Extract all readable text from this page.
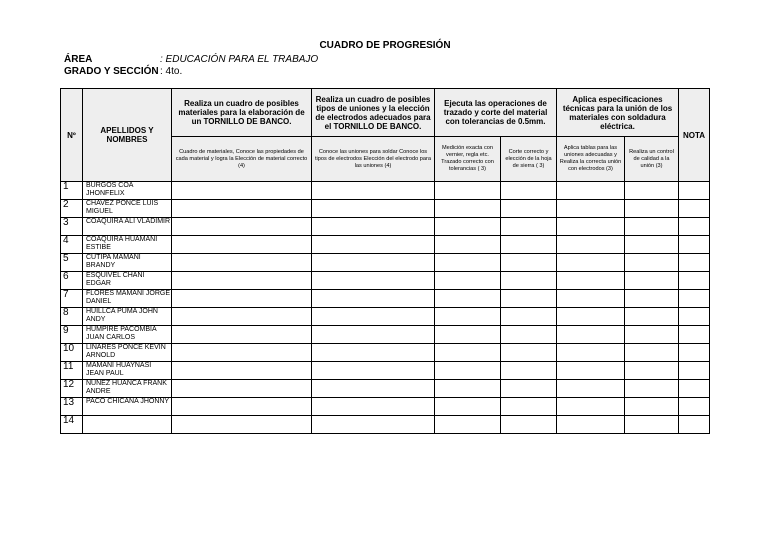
CUADRO DE PROGRESIÓN
ÁREA	: EDUCACIÓN PARA EL TRABAJO
GRADO Y SECCIÓN : 4to.
Nº	APELLIDOS Y NOMBRES	Realiza un cuadro de posibles materiales para la elaboración de un TORNILLO DE BANCO.	Realiza un cuadro de posibles tipos de uniones y la elección de electrodos adecuados para el TORNILLO DE BANCO.	Ejecuta las operaciones de trazado y corte del material con tolerancias de 0.5mm.		Aplica especificaciones técnicas para la unión de los materiales con soldadura eléctrica.		NOTA
		Cuadro de materiales, Conoce las propiedades de cada material y logra la Elección de material correcto (4)	Conoce las uniones para soldar Conoce los tipos de electrodos Elección del electrodo para las uniones (4)	Medición exacta con vernier, regla etc. Trazado correcto con tolerancias ( 3)	Corte correcto y elección de la hoja de sierra ( 3)	Aplica tablas para las uniones adecuadas y Realiza la correcta unión con electrodos (3)	Realiza un control de calidad a la unión (3)	
1	BURGOS COA JHONFELIX							
2	CHAVEZ PONCE LUIS MIGUEL							
3	COAQUIRA ALI VLADIMIR							
4	COAQUIRA HUAMANI ESTIBE							
5	CUTIPA MAMANI BRANDY							
6	ESQUIVEL CHANI EDGAR							
7	FLORES MAMANI JORGE DANIEL							
8	HUILLCA PUMA JOHN ANDY							
9	HUMPIRE PACOMBIA JUAN CARLOS							
10	LINARES PONCE KEVIN ARNOLD							
11	MAMANI HUAYNASI JEAN PAUL							
12	NUÑEZ HUANCA FRANK ANDRE							
13	PACO CHICANA JHONNY							
14								
